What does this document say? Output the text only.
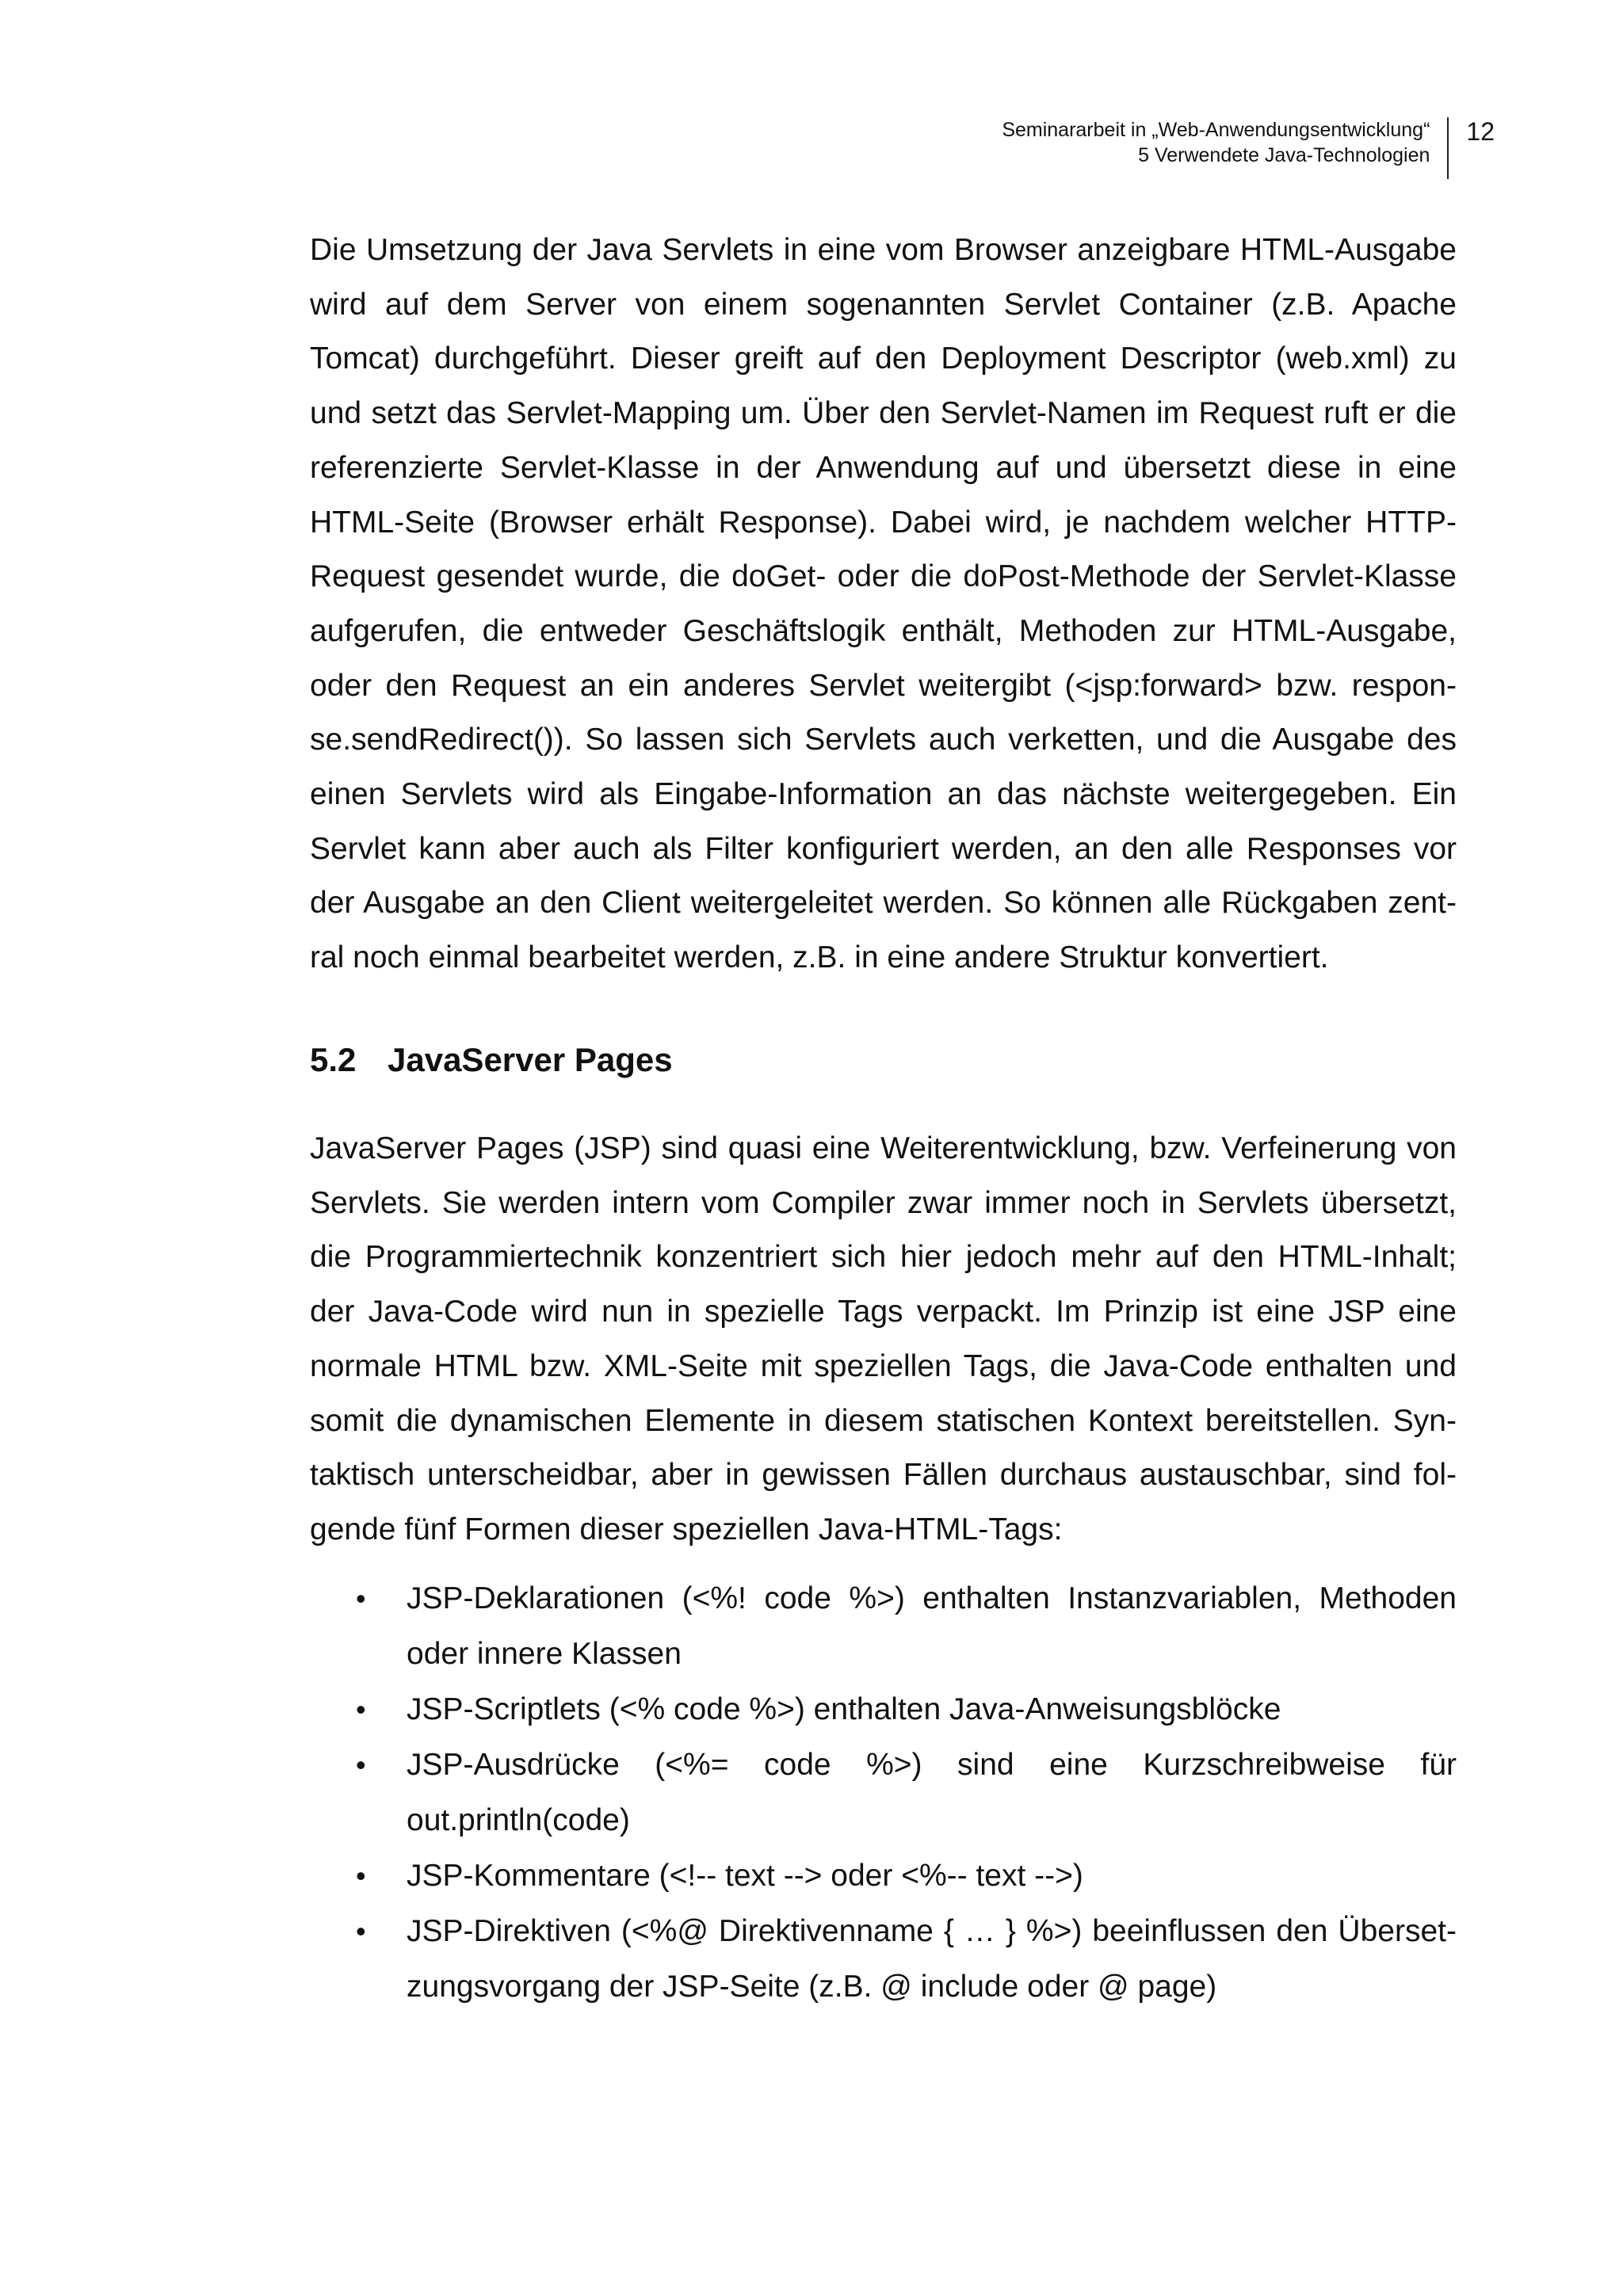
Seminararbeit in „Web-Anwendungsentwicklung“
5 Verwendete Java-Technologien
12

Die Umsetzung der Java Servlets in eine vom Browser anzeigbare HTML-Ausgabe wird auf dem Server von einem sogenannten Servlet Container (z.B. Apache Tomcat) durchgeführt. Dieser greift auf den Deployment Descriptor (web.xml) zu und setzt das Servlet-Mapping um. Über den Servlet-Namen im Request ruft er die referenzierte Servlet-Klasse in der Anwendung auf und übersetzt diese in eine HTML-Seite (Browser erhält Response). Dabei wird, je nachdem welcher HTTP-Request gesendet wurde, die doGet- oder die doPost-Methode der Servlet-Klasse aufgerufen, die entweder Geschäftslogik enthält, Methoden zur HTML-Ausgabe, oder den Request an ein anderes Servlet weitergibt (<jsp:forward> bzw. response.sendRedirect()). So lassen sich Servlets auch verketten, und die Ausgabe des einen Servlets wird als Eingabe-Information an das nächste weitergegeben. Ein Servlet kann aber auch als Filter konfiguriert werden, an den alle Responses vor der Ausgabe an den Client weitergeleitet werden. So können alle Rückgaben zentral noch einmal bearbeitet werden, z.B. in eine andere Struktur konvertiert.

5.2 JavaServer Pages

JavaServer Pages (JSP) sind quasi eine Weiterentwicklung, bzw. Verfeinerung von Servlets. Sie werden intern vom Compiler zwar immer noch in Servlets übersetzt, die Programmiertechnik konzentriert sich hier jedoch mehr auf den HTML-Inhalt; der Java-Code wird nun in spezielle Tags verpackt. Im Prinzip ist eine JSP eine normale HTML bzw. XML-Seite mit speziellen Tags, die Java-Code enthalten und somit die dynamischen Elemente in diesem statischen Kontext bereitstellen. Syntaktisch unterscheidbar, aber in gewissen Fällen durchaus austauschbar, sind folgende fünf Formen dieser speziellen Java-HTML-Tags:

• JSP-Deklarationen (<%! code %>) enthalten Instanzvariablen, Methoden oder innere Klassen
• JSP-Scriptlets (<% code %>) enthalten Java-Anweisungsblöcke
• JSP-Ausdrücke (<%= code %>) sind eine Kurzschreibweise für out.println(code)
• JSP-Kommentare (<!-- text --> oder <%-- text -->)
• JSP-Direktiven (<%@ Direktivenname { … } %>) beeinflussen den Übersetzungsvorgang der JSP-Seite (z.B. @ include oder @ page)
